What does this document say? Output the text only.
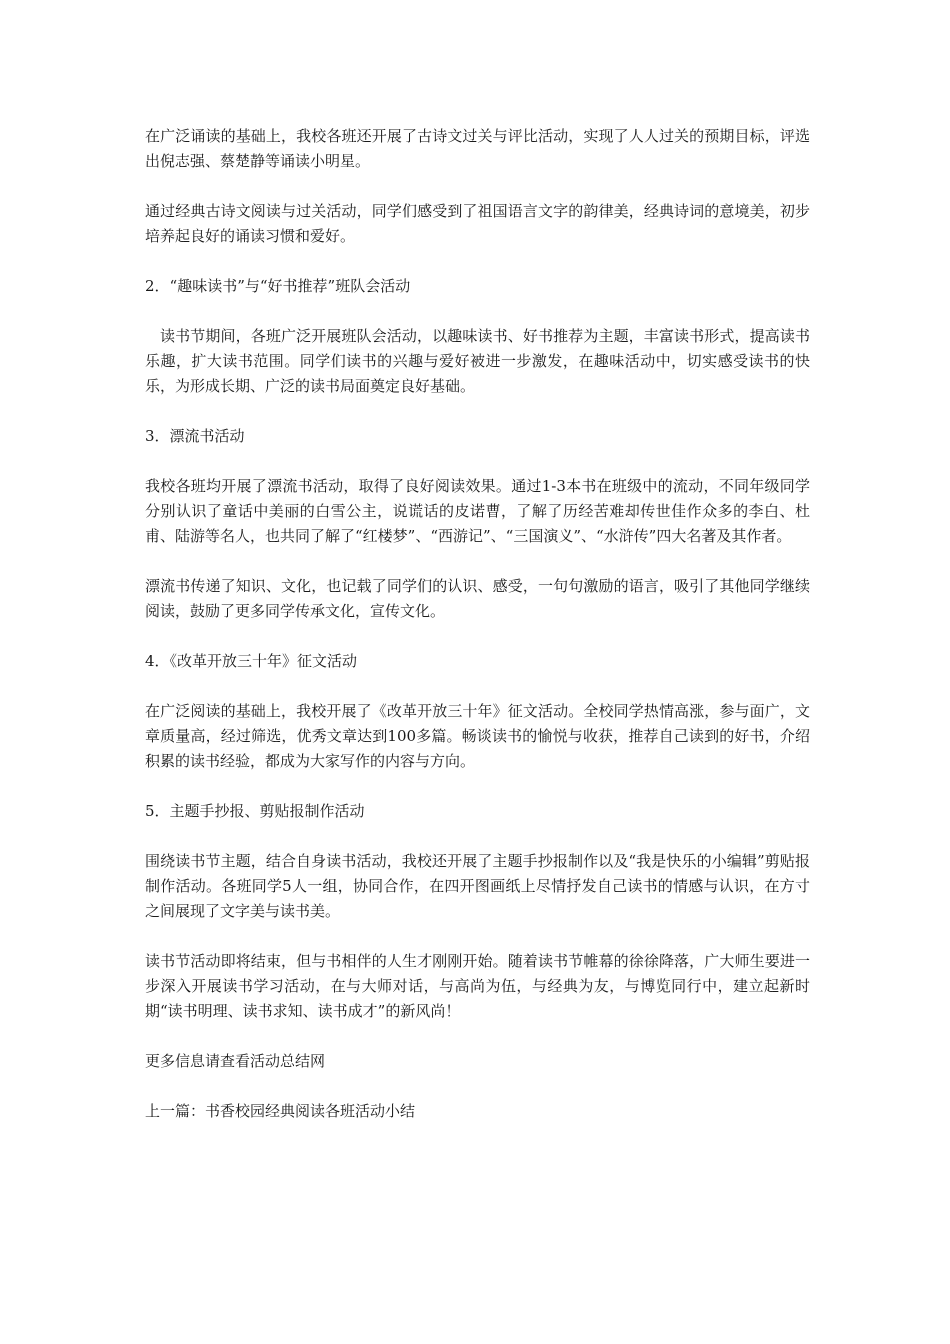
在广泛诵读的基础上，我校各班还开展了古诗文过关与评比活动，实现了人人过关的预期目标，评选出倪志强、蔡楚静等诵读小明星。

通过经典古诗文阅读与过关活动，同学们感受到了祖国语言文字的韵律美，经典诗词的意境美，初步培养起良好的诵读习惯和爱好。

2．“趣味读书”与“好书推荐”班队会活动

读书节期间，各班广泛开展班队会活动，以趣味读书、好书推荐为主题，丰富读书形式，提高读书乐趣，扩大读书范围。同学们读书的兴趣与爱好被进一步激发，在趣味活动中，切实感受读书的快乐，为形成长期、广泛的读书局面奠定良好基础。

3．漂流书活动

我校各班均开展了漂流书活动，取得了良好阅读效果。通过1-3本书在班级中的流动，不同年级同学分别认识了童话中美丽的白雪公主，说谎话的皮诺曹，了解了历经苦难却传世佳作众多的李白、杜甫、陆游等名人，也共同了解了“红楼梦”、“西游记”、“三国演义”、“水浒传”四大名著及其作者。

漂流书传递了知识、文化，也记载了同学们的认识、感受，一句句激励的语言，吸引了其他同学继续阅读，鼓励了更多同学传承文化，宣传文化。

4．《改革开放三十年》征文活动

在广泛阅读的基础上，我校开展了《改革开放三十年》征文活动。全校同学热情高涨，参与面广，文章质量高，经过筛选，优秀文章达到100多篇。畅谈读书的愉悦与收获，推荐自己读到的好书，介绍积累的读书经验，都成为大家写作的内容与方向。

5．主题手抄报、剪贴报制作活动

围绕读书节主题，结合自身读书活动，我校还开展了主题手抄报制作以及“我是快乐的小编辑”剪贴报制作活动。各班同学5人一组，协同合作，在四开图画纸上尽情抒发自己读书的情感与认识，在方寸之间展现了文字美与读书美。

读书节活动即将结束，但与书相伴的人生才刚刚开始。随着读书节帷幕的徐徐降落，广大师生要进一步深入开展读书学习活动，在与大师对话，与高尚为伍，与经典为友，与博览同行中，建立起新时期“读书明理、读书求知、读书成才”的新风尚！

更多信息请查看活动总结网

上一篇：书香校园经典阅读各班活动小结
